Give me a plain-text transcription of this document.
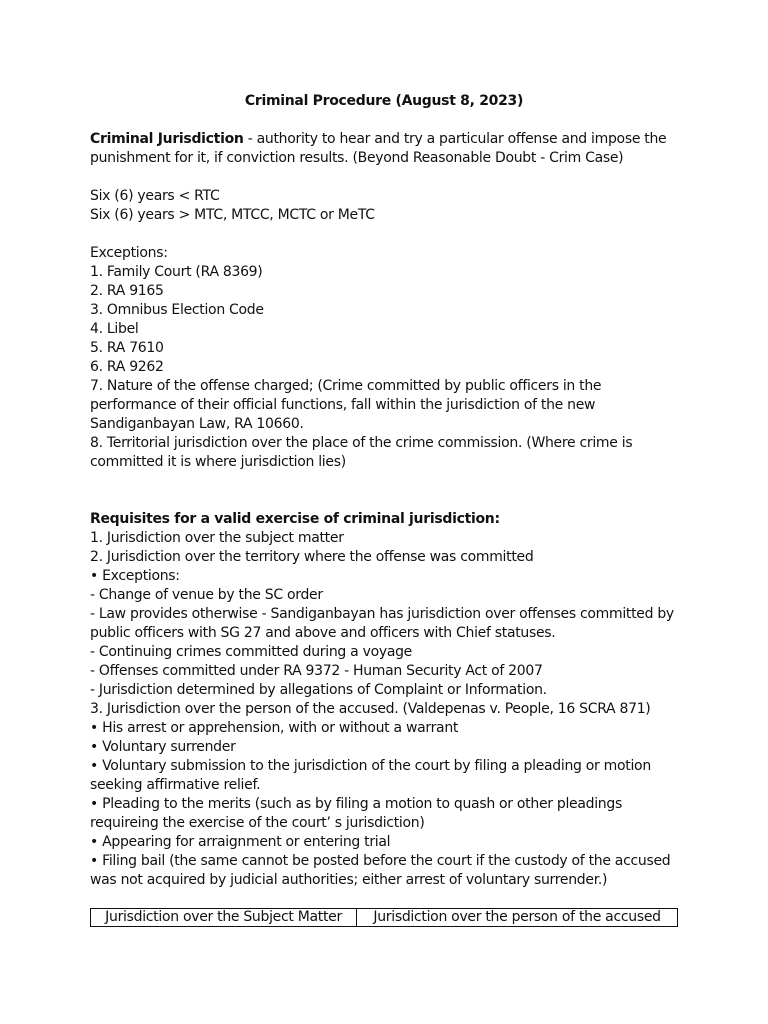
Criminal Procedure (August 8, 2023)

Criminal Jurisdiction - authority to hear and try a particular offense and impose the punishment for it, if conviction results. (Beyond Reasonable Doubt - Crim Case)

Six (6) years < RTC
Six (6) years > MTC, MTCC, MCTC or MeTC
Exceptions:
1. Family Court (RA 8369)
2. RA 9165
3. Omnibus Election Code
4. Libel
5. RA 7610
6. RA 9262
7. Nature of the offense charged; (Crime committed by public officers in the performance of their official functions, fall within the jurisdiction of the new Sandiganbayan Law, RA 10660.
8. Territorial jurisdiction over the place of the crime commission. (Where crime is committed it is where jurisdiction lies)
Requisites for a valid exercise of criminal jurisdiction:
1. Jurisdiction over the subject matter
2. Jurisdiction over the territory where the offense was committed
• Exceptions:
- Change of venue by the SC order
- Law provides otherwise - Sandiganbayan has jurisdiction over offenses committed by public officers with SG 27 and above and officers with Chief statuses.
- Continuing crimes committed during a voyage
- Offenses committed under RA 9372 - Human Security Act of 2007
- Jurisdiction determined by allegations of Complaint or Information.
3. Jurisdiction over the person of the accused. (Valdepenas v. People, 16 SCRA 871)
• His arrest or apprehension, with or without a warrant
• Voluntary surrender
• Voluntary submission to the jurisdiction of the court by filing a pleading or motion seeking affirmative relief.
• Pleading to the merits (such as by filing a motion to quash or other pleadings requireing the exercise of the court’ s jurisdiction)
• Appearing for arraignment or entering trial
• Filing bail (the same cannot be posted before the court if the custody of the accused was not acquired by judicial authorities; either arrest of voluntary surrender.)
Jurisdiction over the Subject Matter	Jurisdiction over the person of the accused
